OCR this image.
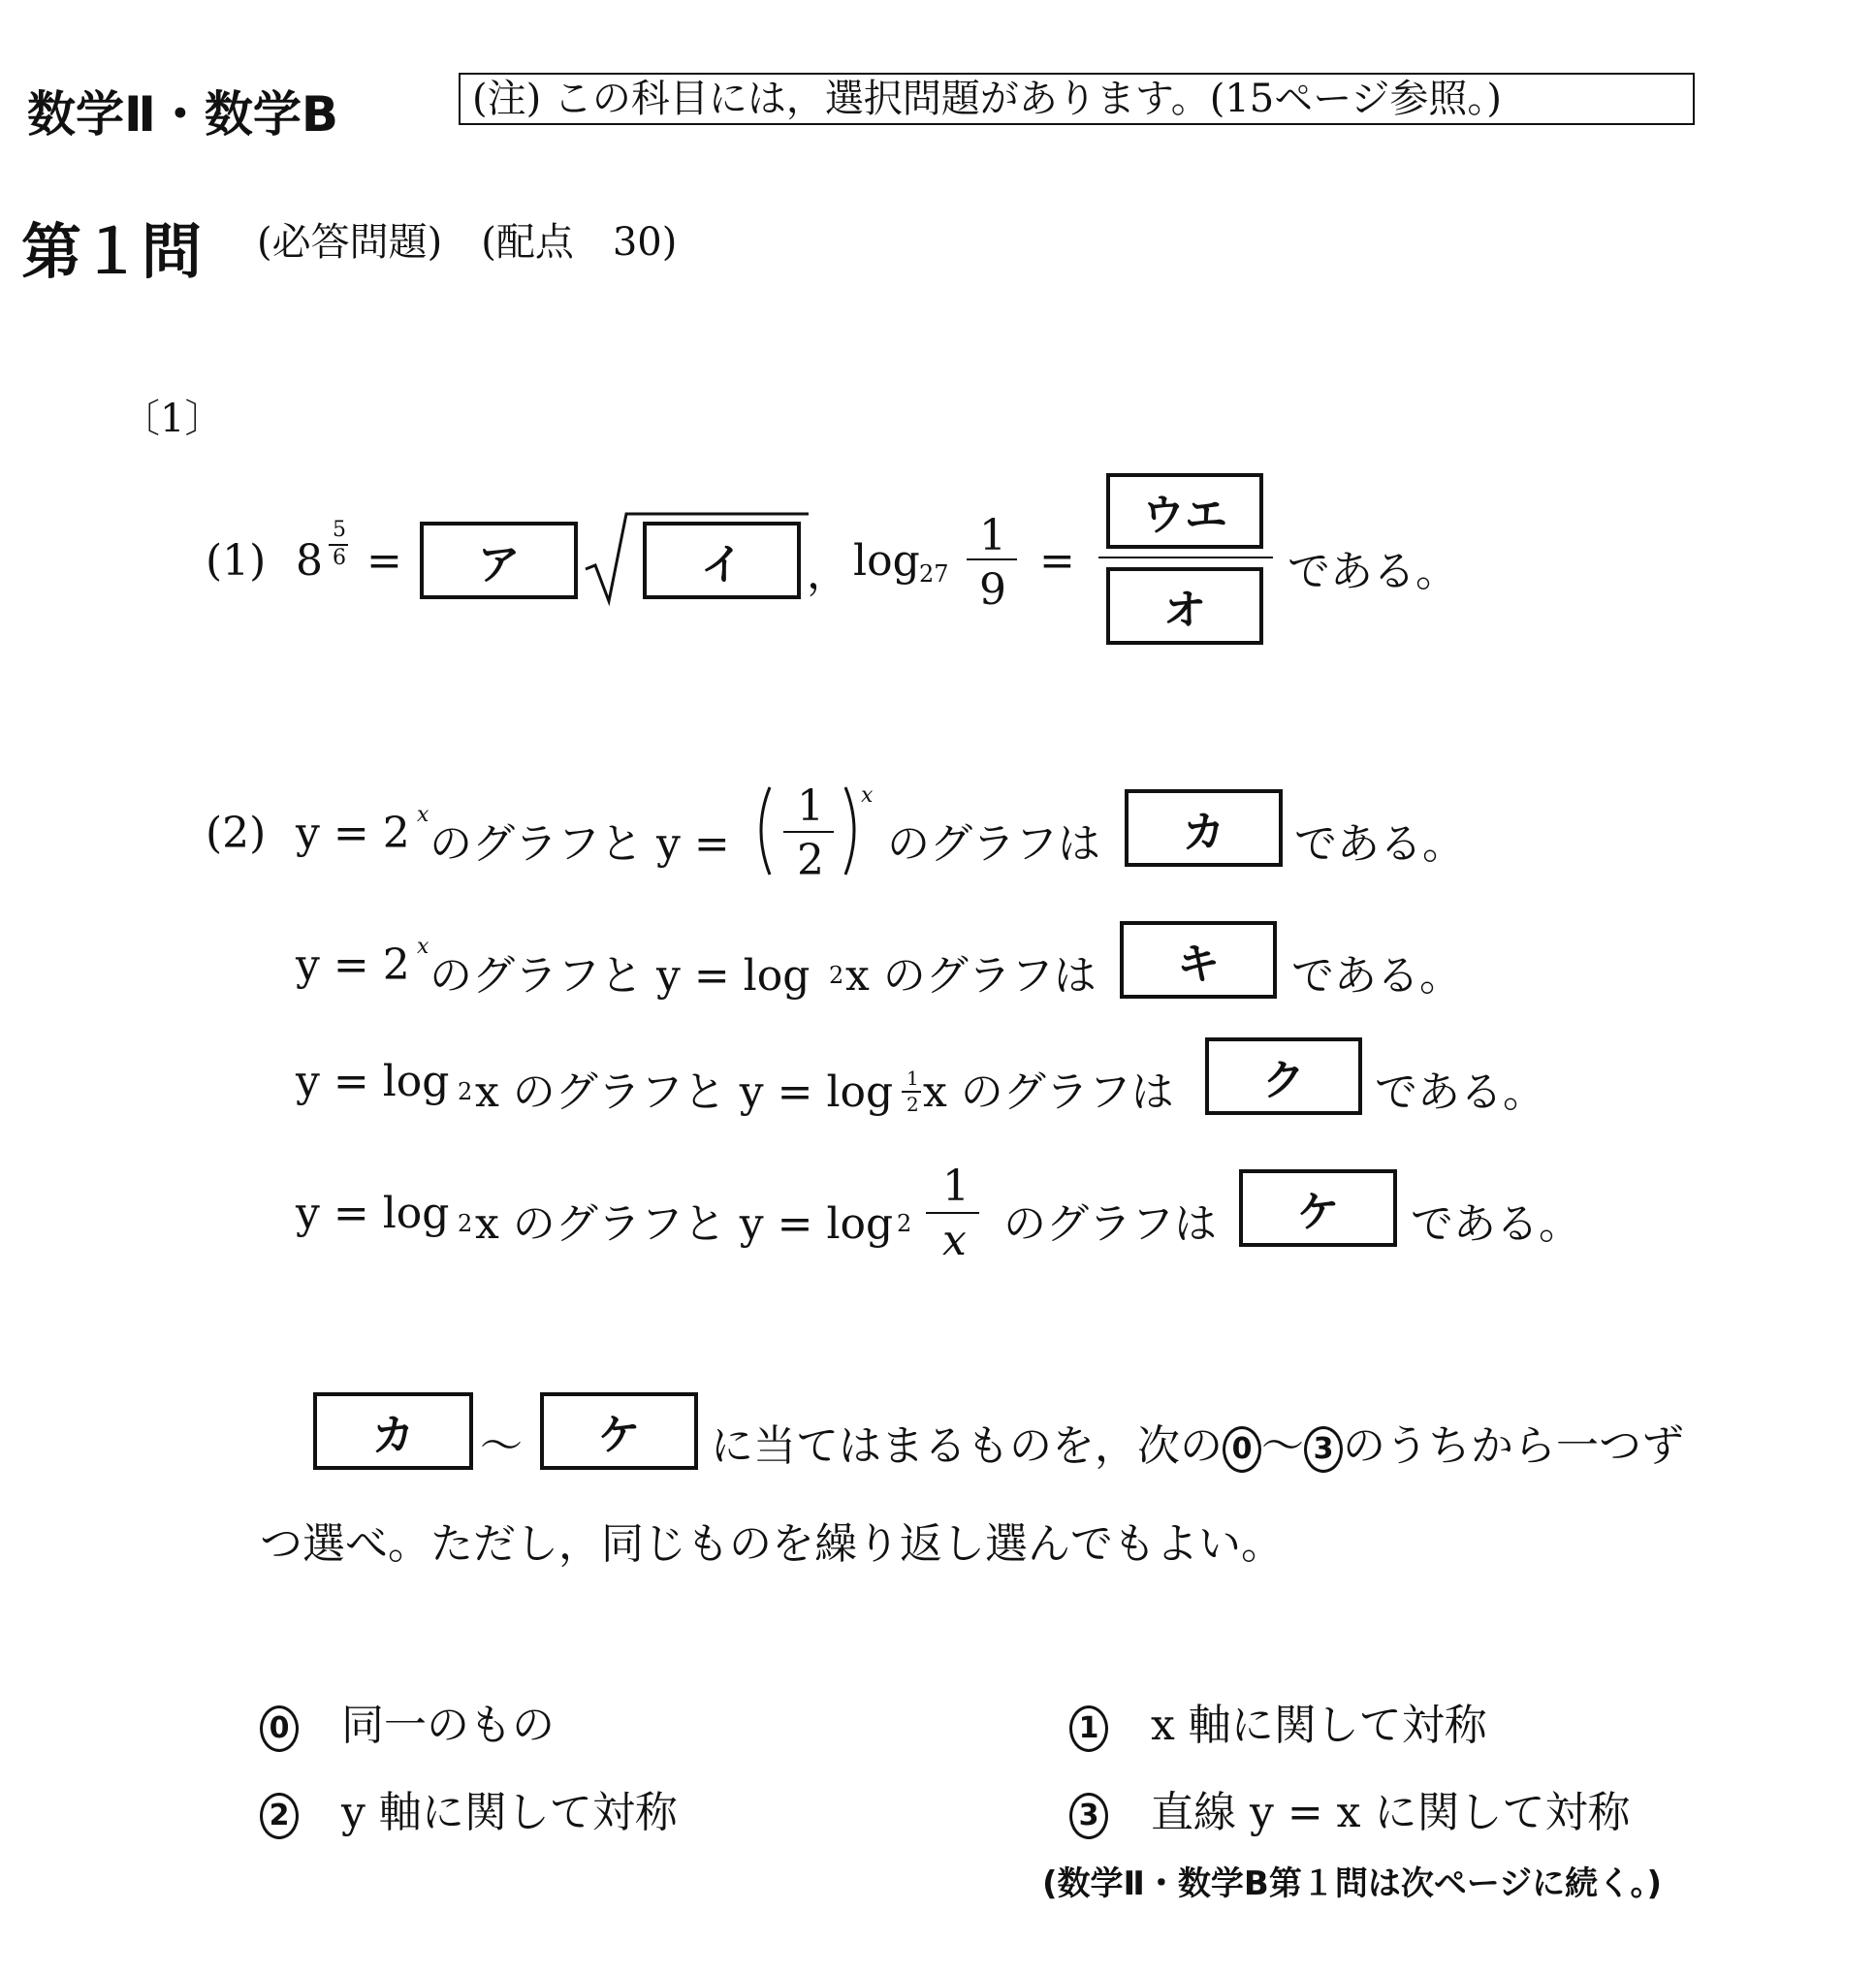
数学Ⅱ・数学B	(注) この科目には，選択問題があります。(15ページ参照。)
第１問 (必答問題)　(配点　30)
〔1〕
(1) 8
5
6 =	ア	イ	， log 27
1
9
=
ウエ
オ
である。
(2) y = 2 x
のグラフと y =
1
2
x
のグラフは	カ	である。
y = 2 x
のグラフと y = log 2 x のグラフは	キ	である。
y = log 2 x のグラフと y = log 1
2 x のグラフは	ク	である。
y = log 2 x のグラフと y = log 2
1
x のグラフは	ケ	である。
カ	～	ケ	に当てはまるものを，次の 0 ～ 3 のうちから一つず
つ選べ。ただし，同じものを繰り返し選んでもよい。
0 同一のもの	1 x 軸に関して対称
2 y 軸に関して対称	3 直線 y = x に関して対称
(数学Ⅱ・数学B第１問は次ページに続く。)
